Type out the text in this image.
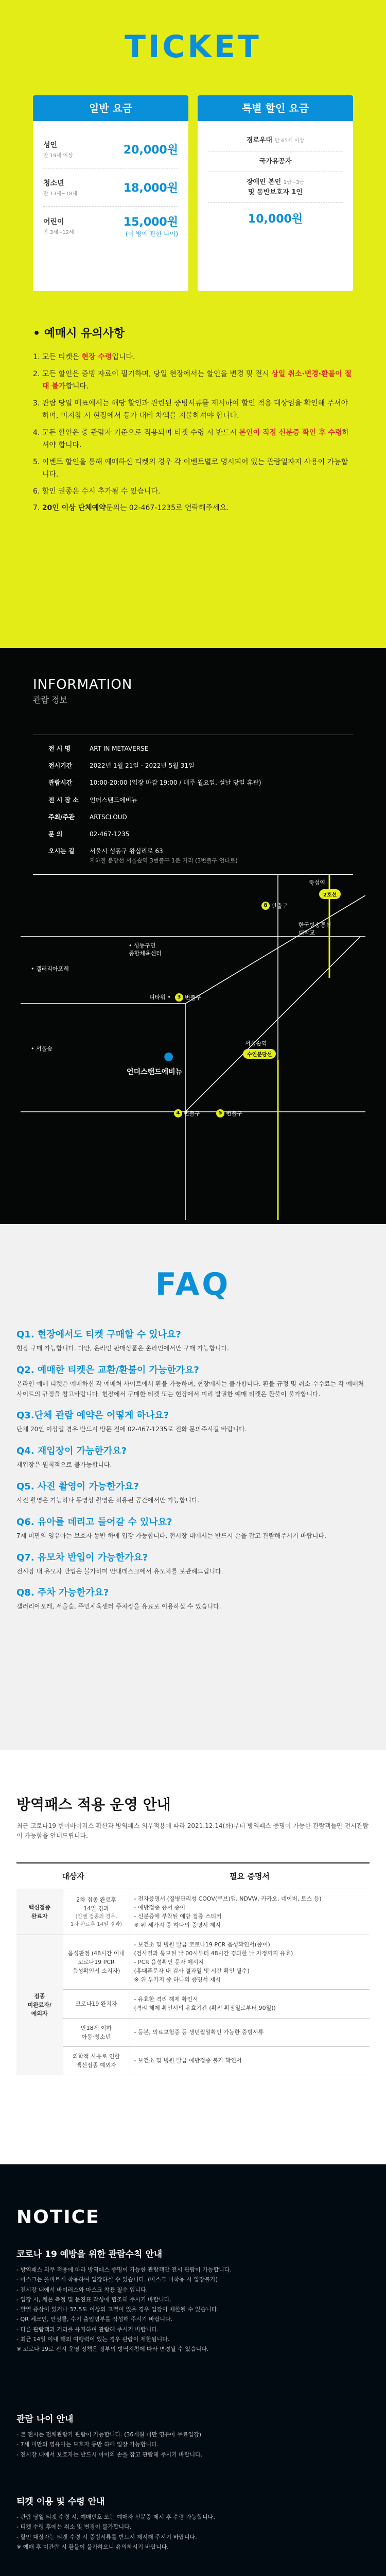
TICKET
일반 요금
성인
만 19세 이상	20,000원
청소년
만 13세~18세	18,000원
어린이
만 3세~12세
15,000원
(이 방에 관한 나이)
특별 할인 요금
경로우대 만 65세 이상
국가유공자
장애인 본인 1급~3급
및 동반보호자 1인
10,000원
• 예매시 유의사항
1. 모든 티켓은 현장 수령입니다.
2. 모든 할인은 증빙 자료이 필기하며, 당일 현장에서는 할인을 변경 및 전시 상일 취소·변경·환불이 절대 불가합니다.
3. 관람 당일 매표에서는 해당 할인과 관련된 증빙서류를 제시하여 할인 적용 대상임을 확인해 주셔야 하며, 미지참 시 현장에서 등가 대비 차액을 지불하셔야 합니다.
4. 모든 할인은 중 관람자 기준으로 적용되며 티켓 수령 시 반드시 본인이 직접 신분증 확인 후 수령하셔야 합니다.
5. 이벤트 할인을 통해 예매하신 티켓의 경우 각 이벤트별로 명시되어 있는 관람일자지 사용이 가능합니다.
6. 할인 권종은 수시 추가될 수 있습니다.
7. 20인 이상 단체예약문의는 02-467-1235로 연락해주세요.
INFORMATION
관람 정보
전 시 명	ART IN METAVERSE
전시기간	2022년 1월 21일 - 2022년 5월 31일
관람시간	10:00-20:00 (입장 마감 19:00 / 매주 월요일, 설날 당일 휴관)
전 시 장 소	언더스탠드에비뉴
주최/주관	ARTSCLOUD
문 의	02-467-1235
오시는 길	서울시 성동구 왕십리로 63
지하철 분당선 서울숲역 3번출구 1분 거리 (3번출구 언더로)
뚝섬역
2호선
한국방송통신
대학교
• 성동구민
종합체육센터
• 갤러리아포레
• 서울숲
디타워 •	3 번출구
8 번출구
4 번출구	5 번출구
서울숲역
수인분당선
●
언더스탠드에비뉴
FAQ
Q1. 현장에서도 티켓 구매할 수 있나요?
현장 구매 가능합니다. 다만, 온라인 판매상품은 온라인에서만 구매 가능합니다.
Q2. 예매한 티켓은 교환/환불이 가능한가요?
온라인 예매 티켓은 예매하신 각 예매처 사이트에서 환불 가능하며, 현장에서는 불가합니다. 환불 규정 및 취소 수수료는 각 예매처 사이트의 규정을 참고바랍니다. 현장에서 구매한 티켓 또는 현장에서 미리 발권한 예매 티켓은 환불이 불가합니다.
Q3.단체 관람 예약은 어떻게 하나요?
단체 20인 이상일 경우 반드시 방문 전에 02-467-1235로 전화 문의주시길 바랍니다.
Q4. 재입장이 가능한가요?
재입장은 원칙적으로 불가능합니다.
Q5. 사진 촬영이 가능한가요?
사진 촬영은 가능하나 동영상 촬영은 허용된 공간에서만 가능합니다.
Q6. 유아를 데리고 들어갈 수 있나요?
7세 미만의 영유아는 보호자 동반 하에 입장 가능합니다. 전시장 내에서는 반드시 손을 잡고 관람해주시기 바랍니다.
Q7. 유모차 반입이 가능한가요?
전시장 내 유모차 반입은 불가하며 안내데스크에서 유모차를 보관해드립니다.
Q8. 주차 가능한가요?
갤러리아포레, 서울숲, 주민체육센터 주차장을 유료로 이용하실 수 있습니다.
방역패스 적용 운영 안내
최근 코로나19 변이바이러스 확산과 방역패스 의무적용에 따라 2021.12.14(화)부터 방역패스 증명이 가능한 관람객들만 전시관람이 가능함을 안내드립니다.
대상자		필요 증명서
백신접종
완료자	2차 접종 완료후
14일 경과
(얀센 접종의 경우,
1차 완료후 14일 경과)	- 전자증명서 (질병관리청 COOV(쿠브)앱, NDVW, 카카오, 네이버, 토스 등)
- 예방접종 증서 종이
- 신분증에 부착된 예방 접종 스티커
※ 위 세가지 중 하나의 증명서 제시
접종
미완료자/
예외자	음성판정 (48시간 이내
코로나19 PCR
음성확인서 소지자)	- 보건소 및 병원 발급 코로나19 PCR 음성확인서(종이)
(검사결과 통보된 날 00시부터 48시간 경과한 날 자정까지 유효)
- PCR 음성확인 문자 메시지
(휴대폰문자 내 검사 결과일 및 시간 확인 필수)
※ 위 두가지 중 하나의 증명서 제시
	코로나19 완치자	- 유효한 격리 해제 확인서
(격리 해제 확인서의 유효기간 (확진 확정일로부터 90일))
	만18세 이하
아동·청소년	- 등본, 의료보험증 등 생년월일확인 가능한 증빙서류
	의학적 사유로 인한
백신접종 예외자	- 보건소 및 병원 발급 예방접종 불가 확인서
NOTICE
코로나 19 예방을 위한 관람수칙 안내

- 방역패스 의무 적용에 따라 방역패스 증명이 가능한 관람객만 전시 관람이 가능합니다.
- 마스크는 올바르게 착용하여 입장하실 수 있습니다. (마스크 미착용 시 입장불가)
- 전시장 내에서 바이러스와 마스크 착용 필수 입니다.
- 입장 시, 체온 측정 및 문진표 작성에 협조해 주시기 바랍니다.
- 발열 증상이 있거나 37.5도 이상의 고열이 있을 경우 입장이 제한될 수 있습니다.
- QR 체크인, 안심콜, 수기 출입명부를 작성해 주시기 바랍니다.
- 다른 관람객과 거리를 유지하며 관람해 주시기 바랍니다.
- 최근 14일 이내 해외 여행력이 있는 경우 관람이 제한됩니다.
※ 코로나 19로 전시 운영 정책은 정부의 방역지침에 따라 변경될 수 있습니다.

관람 나이 안내

- 본 전시는 전체관람가 관람이 가능합니다. (36개월 미만 영유아 무료입장)
- 7세 미만의 영유아는 보호자 동반 하에 입장 가능합니다.
- 전시장 내에서 보호자는 반드시 아이의 손을 잡고 관람해 주시기 바랍니다.

티켓 이용 및 수령 안내

- 관람 당일 티켓 수령 시, 예매번호 또는 예매자 신분증 제시 후 수령 가능합니다.
- 티켓 수령 후에는 취소 및 변경이 불가합니다.
- 할인 대상자는 티켓 수령 시 증빙서류를 반드시 제시해 주시기 바랍니다.
※ 예매 후 미관람 시 환불이 불가하오니 유의하시기 바랍니다.
